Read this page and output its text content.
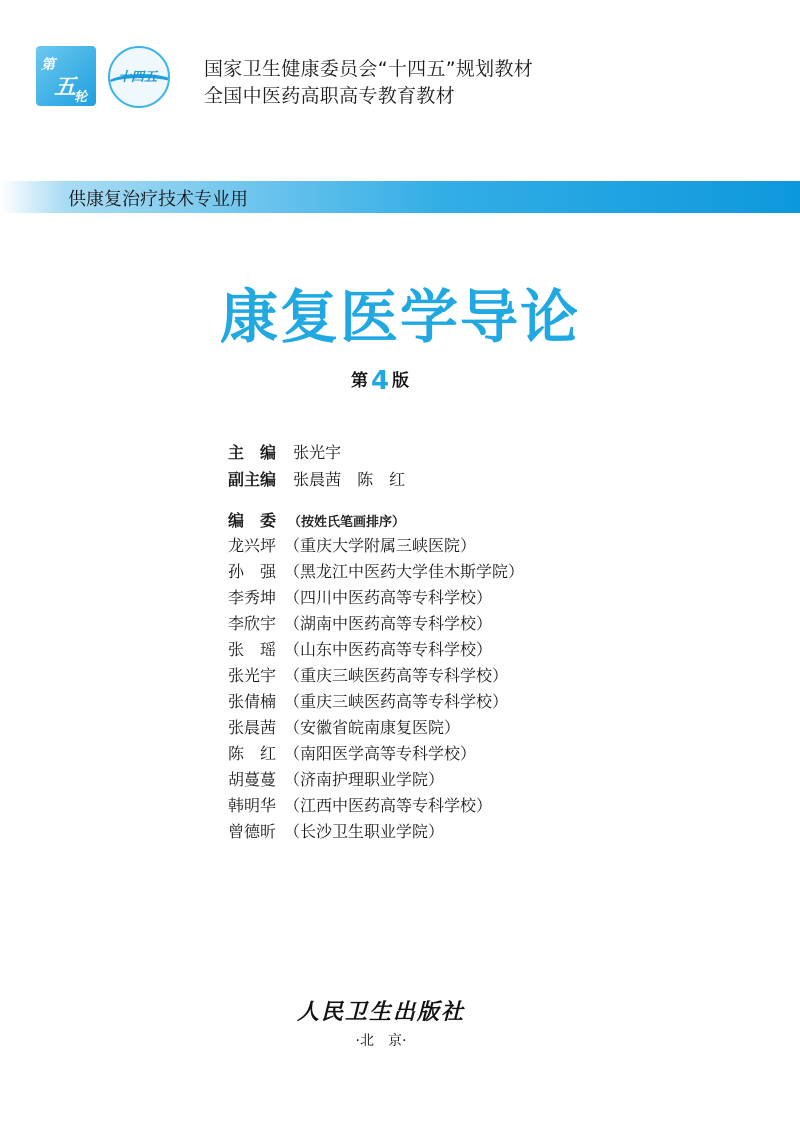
第
五
轮
十四五 国家卫生健康委员会“十四五”规划教材
全国中医药高职高专教育教材
供康复治疗技术专业用
康复医学导论
第 4 版
主　编 张光宇
副主编 张晨茜　陈　红
编　委 （按姓氏笔画排序）
龙兴坪 （重庆大学附属三峡医院）
孙　强 （黑龙江中医药大学佳木斯学院）
李秀坤 （四川中医药高等专科学校）
李欣宇 （湖南中医药高等专科学校）
张　瑶 （山东中医药高等专科学校）
张光宇 （重庆三峡医药高等专科学校）
张倩楠 （重庆三峡医药高等专科学校）
张晨茜 （安徽省皖南康复医院）
陈　红 （南阳医学高等专科学校）
胡蔓蔓 （济南护理职业学院）
韩明华 （江西中医药高等专科学校）
曾德昕 （长沙卫生职业学院）
人民卫生出版社
·北　京·
